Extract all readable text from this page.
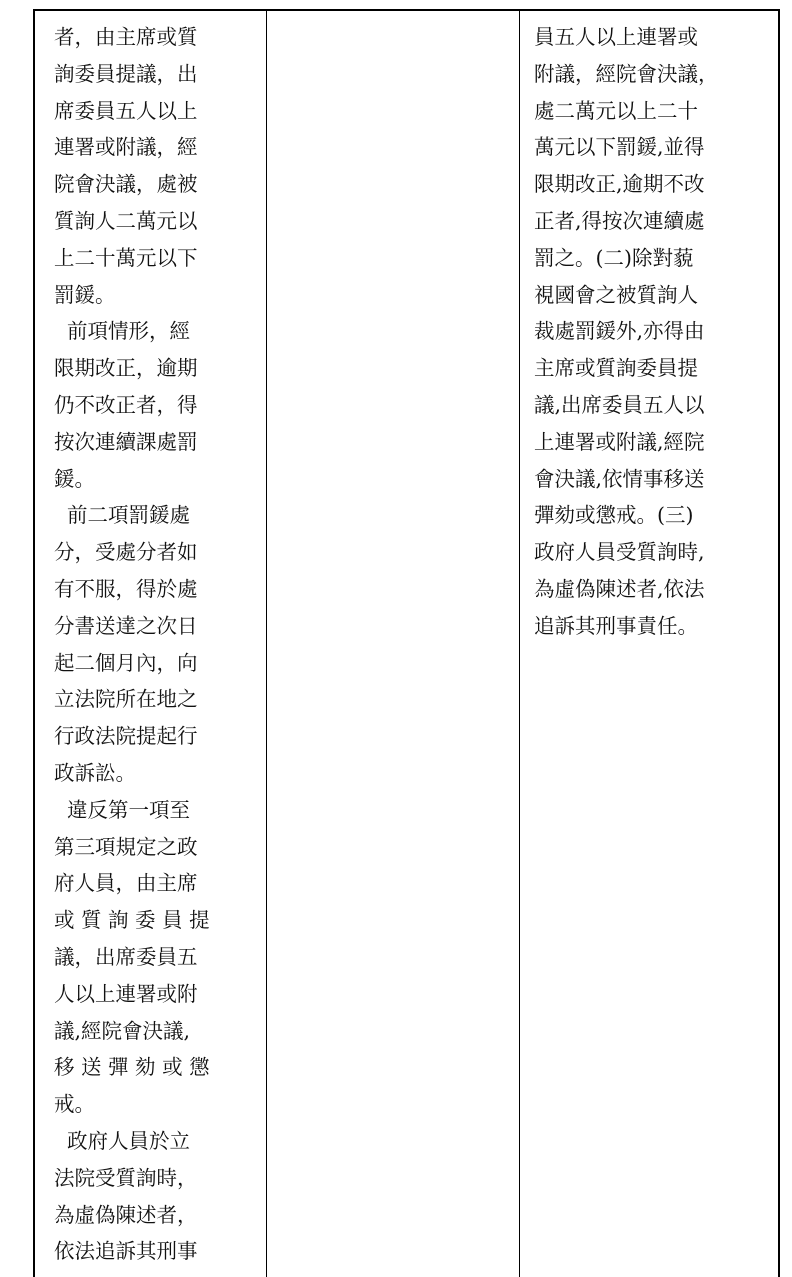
者，由主席或質
詢委員提議，出
席委員五人以上
連署或附議，經
院會決議，處被
質詢人二萬元以
上二十萬元以下
罰鍰。
前項情形，經
限期改正，逾期
仍不改正者，得
按次連續課處罰
鍰。
前二項罰鍰處
分，受處分者如
有不服，得於處
分書送達之次日
起二個月內，向
立法院所在地之
行政法院提起行
政訴訟。
違反第一項至
第三項規定之政
府人員，由主席
或 質 詢 委 員 提
議，出席委員五
人以上連署或附
議,經院會決議,
移 送 彈 劾 或 懲
戒。
政府人員於立
法院受質詢時，
為虛偽陳述者，
依法追訴其刑事
員五人以上連署或
附議，經院會決議，
處二萬元以上二十
萬元以下罰鍰,並得
限期改正,逾期不改
正者,得按次連續處
罰之。(二)除對藐
視國會之被質詢人
裁處罰鍰外,亦得由
主席或質詢委員提
議,出席委員五人以
上連署或附議,經院
會決議,依情事移送
彈劾或懲戒。(三)
政府人員受質詢時,
為虛偽陳述者,依法
追訴其刑事責任。
